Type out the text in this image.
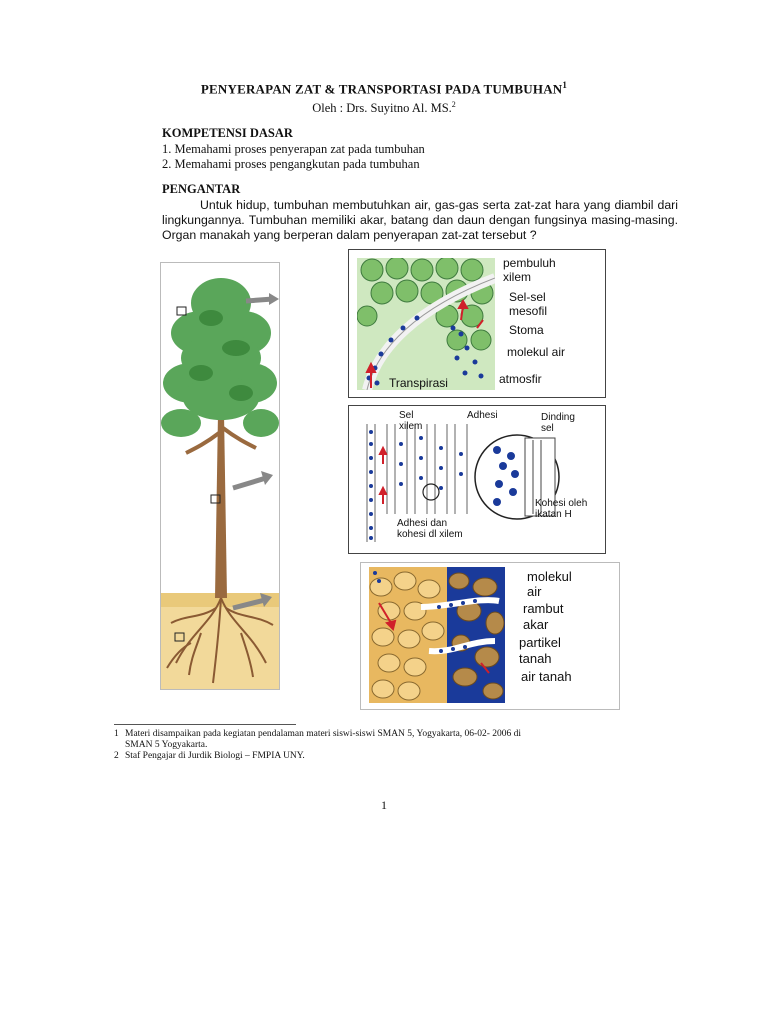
PENYERAPAN ZAT & TRANSPORTASI PADA TUMBUHAN$^1$
Oleh : Drs. Suyitno Al. MS.$^2$
KOMPETENSI DASAR
1. Memahami proses penyerapan zat pada tumbuhan
2. Memahami proses pengangkutan pada tumbuhan
PENGANTAR
Untuk hidup, tumbuhan membutuhkan air, gas-gas serta zat-zat hara yang diambil dari lingkungannya. Tumbuhan memiliki akar, batang dan daun dengan fungsinya masing-masing. Organ manakah yang berperan dalam penyerapan zat-zat tersebut ?
pembuluh
xilem
Sel-sel
mesofil
Stoma
molekul air
atmosfir
Transpirasi
Sel
xilem
Adhesi	Dinding
sel
Kohesi oleh
ikatan H
Adhesi dan
kohesi dl xilem
molekul
air
rambut
akar
partikel
tanah
air tanah
1 Materi disampaikan pada kegiatan pendalaman materi siswi-siswi SMAN 5, Yogyakarta, 06-02- 2006 di
SMAN 5 Yogyakarta.
2 Staf Pengajar di Jurdik Biologi – FMPIA UNY.
1
